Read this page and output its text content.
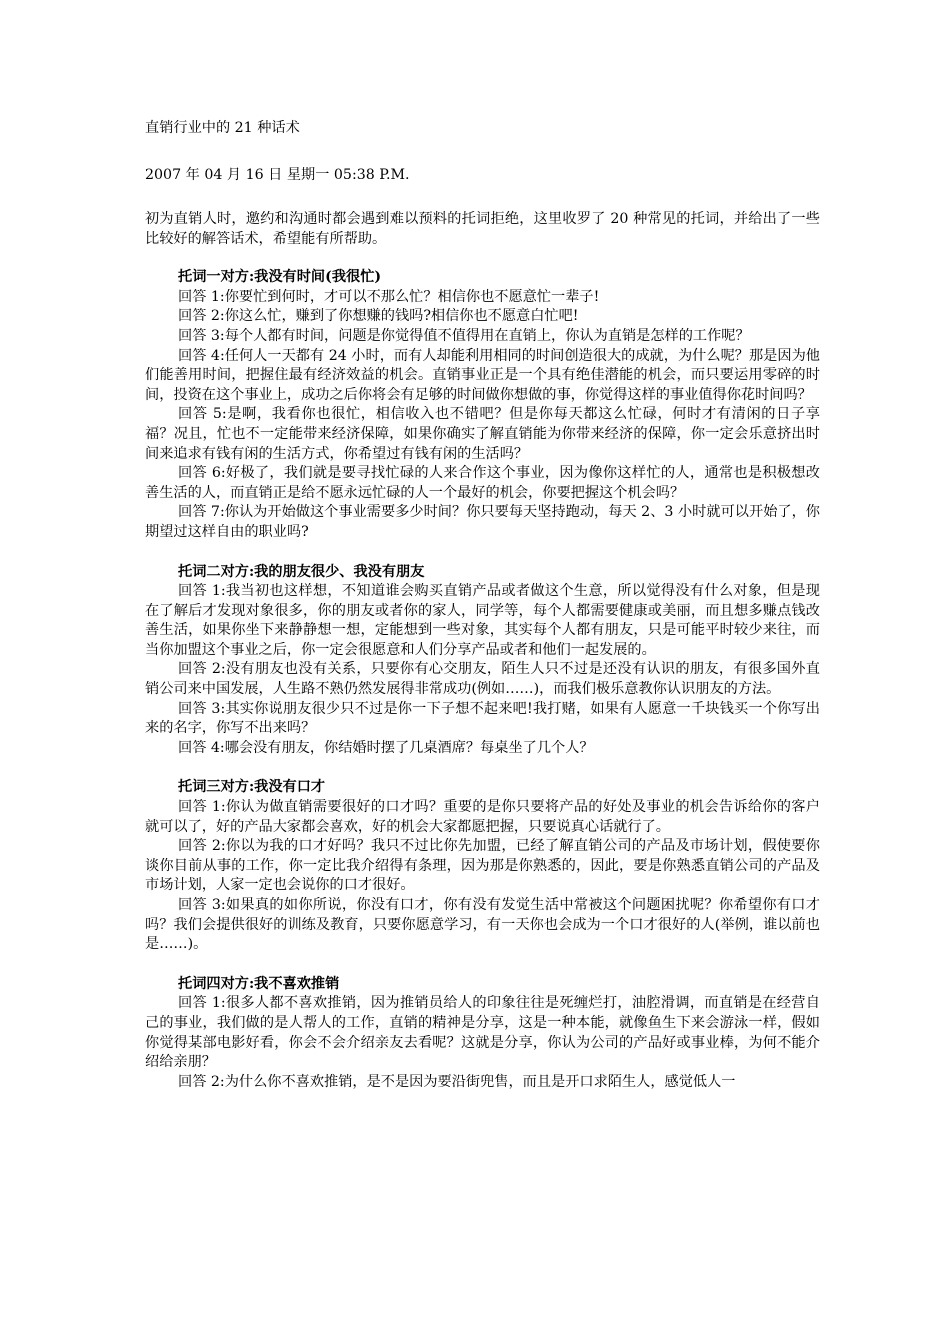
直销行业中的 21 种话术
2007 年 04 月 16 日 星期一 05:38 P.M.

初为直销人时，邀约和沟通时都会遇到难以预料的托词拒绝，这里收罗了 20 种常见的托词，并给出了一些比较好的解答话术，希望能有所帮助。

托词一对方:我没有时间(我很忙)

回答 1:你要忙到何时，才可以不那么忙？相信你也不愿意忙一辈子!

回答 2:你这么忙，赚到了你想赚的钱吗?相信你也不愿意白忙吧!

回答 3:每个人都有时间，问题是你觉得值不值得用在直销上，你认为直销是怎样的工作呢？

回答 4:任何人一天都有 24 小时，而有人却能利用相同的时间创造很大的成就，为什么呢？那是因为他们能善用时间，把握住最有经济效益的机会。直销事业正是一个具有绝佳潜能的机会，而只要运用零碎的时间，投资在这个事业上，成功之后你将会有足够的时间做你想做的事，你觉得这样的事业值得你花时间吗？

回答 5:是啊，我看你也很忙，相信收入也不错吧？但是你每天都这么忙碌，何时才有清闲的日子享福？况且，忙也不一定能带来经济保障，如果你确实了解直销能为你带来经济的保障，你一定会乐意挤出时间来追求有钱有闲的生活方式，你希望过有钱有闲的生活吗？

回答 6:好极了，我们就是要寻找忙碌的人来合作这个事业，因为像你这样忙的人，通常也是积极想改善生活的人，而直销正是给不愿永远忙碌的人一个最好的机会，你要把握这个机会吗？

回答 7:你认为开始做这个事业需要多少时间？你只要每天坚持跑动，每天 2、3 小时就可以开始了，你期望过这样自由的职业吗?

托词二对方:我的朋友很少、我没有朋友

回答 1:我当初也这样想，不知道谁会购买直销产品或者做这个生意，所以觉得没有什么对象，但是现在了解后才发现对象很多，你的朋友或者你的家人，同学等，每个人都需要健康或美丽，而且想多赚点钱改善生活，如果你坐下来静静想一想，定能想到一些对象，其实每个人都有朋友，只是可能平时较少来往，而当你加盟这个事业之后，你一定会很愿意和人们分享产品或者和他们一起发展的。

回答 2:没有朋友也没有关系，只要你有心交朋友，陌生人只不过是还没有认识的朋友，有很多国外直销公司来中国发展，人生路不熟仍然发展得非常成功(例如……)，而我们极乐意教你认识朋友的方法。

回答 3:其实你说朋友很少只不过是你一下子想不起来吧!我打赌，如果有人愿意一千块钱买一个你写出来的名字，你写不出来吗？

回答 4:哪会没有朋友，你结婚时摆了几桌酒席？每桌坐了几个人？

托词三对方:我没有口才

回答 1:你认为做直销需要很好的口才吗？重要的是你只要将产品的好处及事业的机会告诉给你的客户就可以了，好的产品大家都会喜欢，好的机会大家都愿把握，只要说真心话就行了。

回答 2:你以为我的口才好吗？我只不过比你先加盟，已经了解直销公司的产品及市场计划，假使要你谈你目前从事的工作，你一定比我介绍得有条理，因为那是你熟悉的，因此，要是你熟悉直销公司的产品及市场计划，人家一定也会说你的口才很好。

回答 3:如果真的如你所说，你没有口才，你有没有发觉生活中常被这个问题困扰呢？你希望你有口才吗？我们会提供很好的训练及教育，只要你愿意学习，有一天你也会成为一个口才很好的人(举例，谁以前也是……)。

托词四对方:我不喜欢推销

回答 1:很多人都不喜欢推销，因为推销员给人的印象往往是死缠烂打，油腔滑调，而直销是在经营自己的事业，我们做的是人帮人的工作，直销的精神是分享，这是一种本能，就像鱼生下来会游泳一样，假如你觉得某部电影好看，你会不会介绍亲友去看呢？这就是分享，你认为公司的产品好或事业棒，为何不能介绍给亲朋？

回答 2:为什么你不喜欢推销，是不是因为要沿街兜售，而且是开口求陌生人，感觉低人一
